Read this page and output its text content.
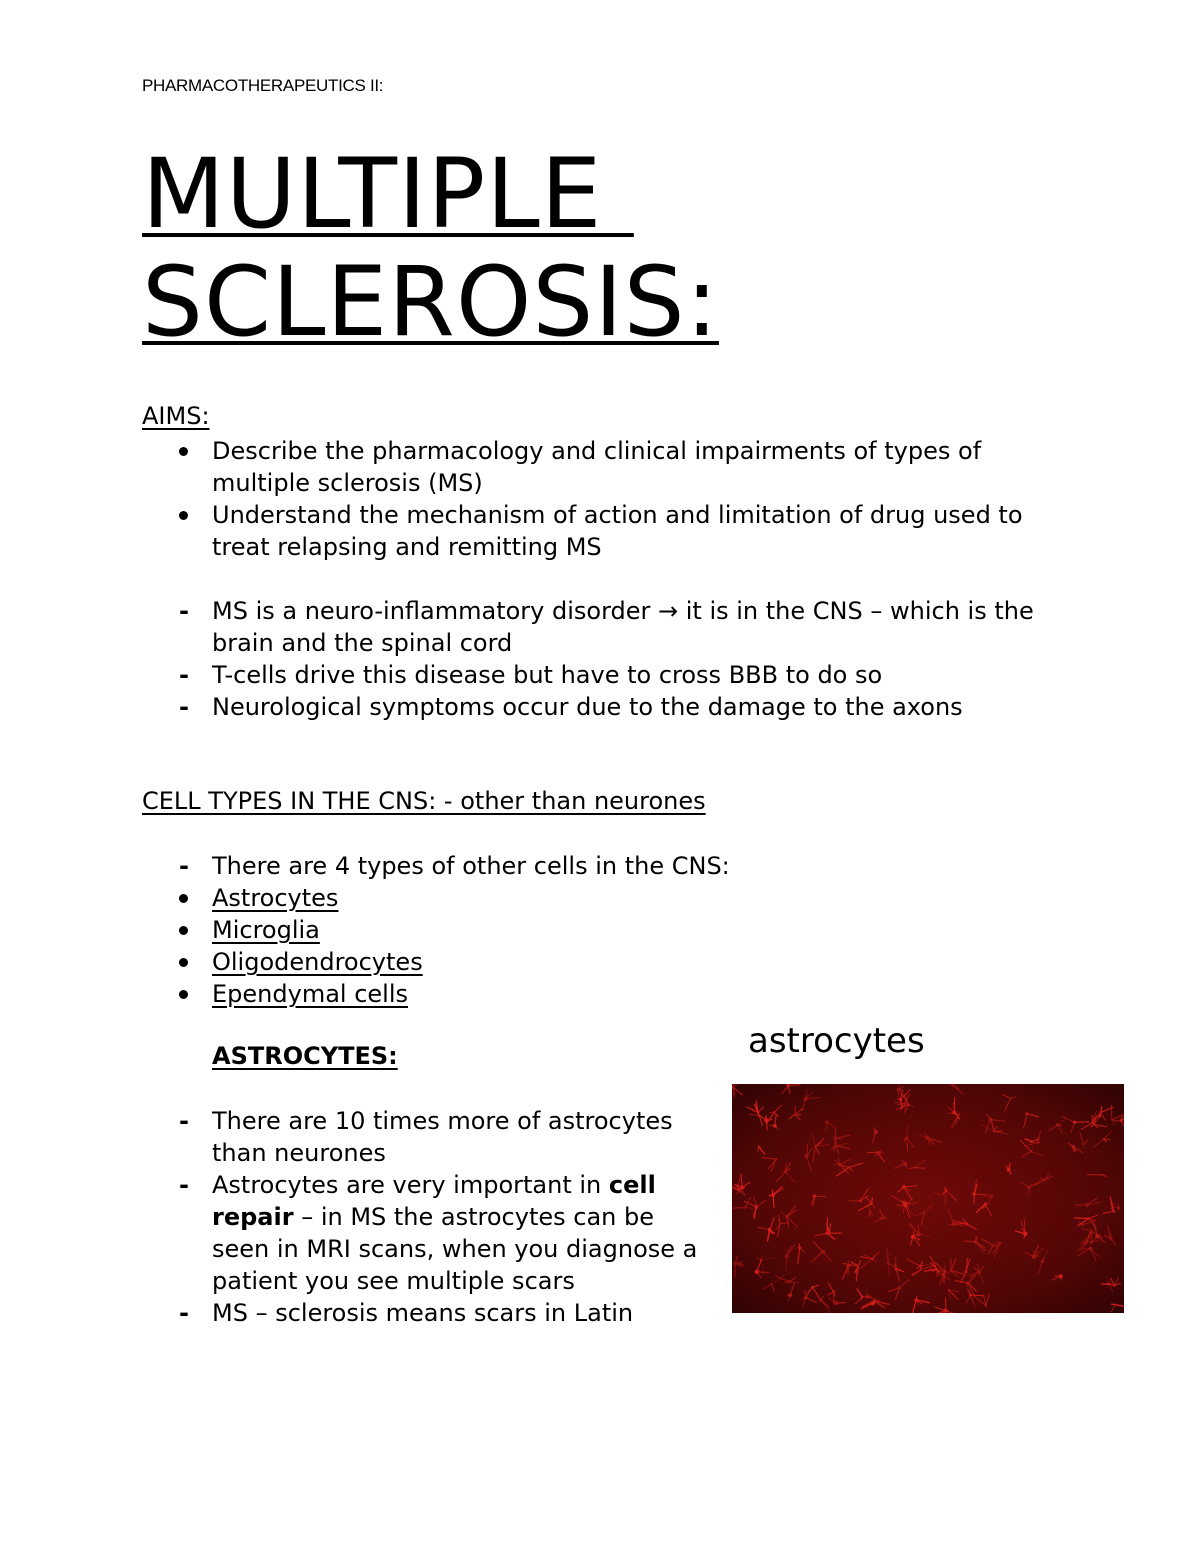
PHARMACOTHERAPEUTICS II:
MULTIPLE
SCLEROSIS:
AIMS:
Describe the pharmacology and clinical impairments of types of multiple sclerosis (MS)
Understand the mechanism of action and limitation of drug used to treat relapsing and remitting MS
- MS is a neuro-inflammatory disorder → it is in the CNS – which is the brain and the spinal cord
- T-cells drive this disease but have to cross BBB to do so
- Neurological symptoms occur due to the damage to the axons
CELL TYPES IN THE CNS: - other than neurones
- There are 4 types of other cells in the CNS:
Astrocytes
Microglia
Oligodendrocytes
Ependymal cells
ASTROCYTES:
- There are 10 times more of astrocytes than neurones
- Astrocytes are very important in cell repair – in MS the astrocytes can be seen in MRI scans, when you diagnose a patient you see multiple scars
- MS – sclerosis means scars in Latin
astrocytes
